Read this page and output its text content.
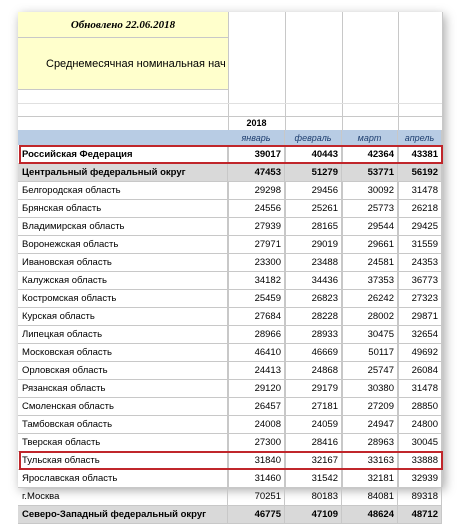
Обновлено 22.06.2018
Среднемесячная номинальная нач
2018
январь	февраль	март	апрель
Российская Федерация	39017	40443	42364	43381
Центральный федеральный округ	47453	51279	53771	56192
Белгородская область	29298	29456	30092	31478
Брянская область	24556	25261	25773	26218
Владимирская область	27939	28165	29544	29425
Воронежская область	27971	29019	29661	31559
Ивановская область	23300	23488	24581	24353
Калужская область	34182	34436	37353	36773
Костромская область	25459	26823	26242	27323
Курская область	27684	28228	28002	29871
Липецкая область	28966	28933	30475	32654
Московская область	46410	46669	50117	49692
Орловская область	24413	24868	25747	26084
Рязанская область	29120	29179	30380	31478
Смоленская область	26457	27181	27209	28850
Тамбовская область	24008	24059	24947	24800
Тверская область	27300	28416	28963	30045
Тульская область	31840	32167	33163	33888
Ярославская область	31460	31542	32181	32939
г.Москва	70251	80183	84081	89318
Северо-Западный федеральный округ	46775	47109	48624	48712
